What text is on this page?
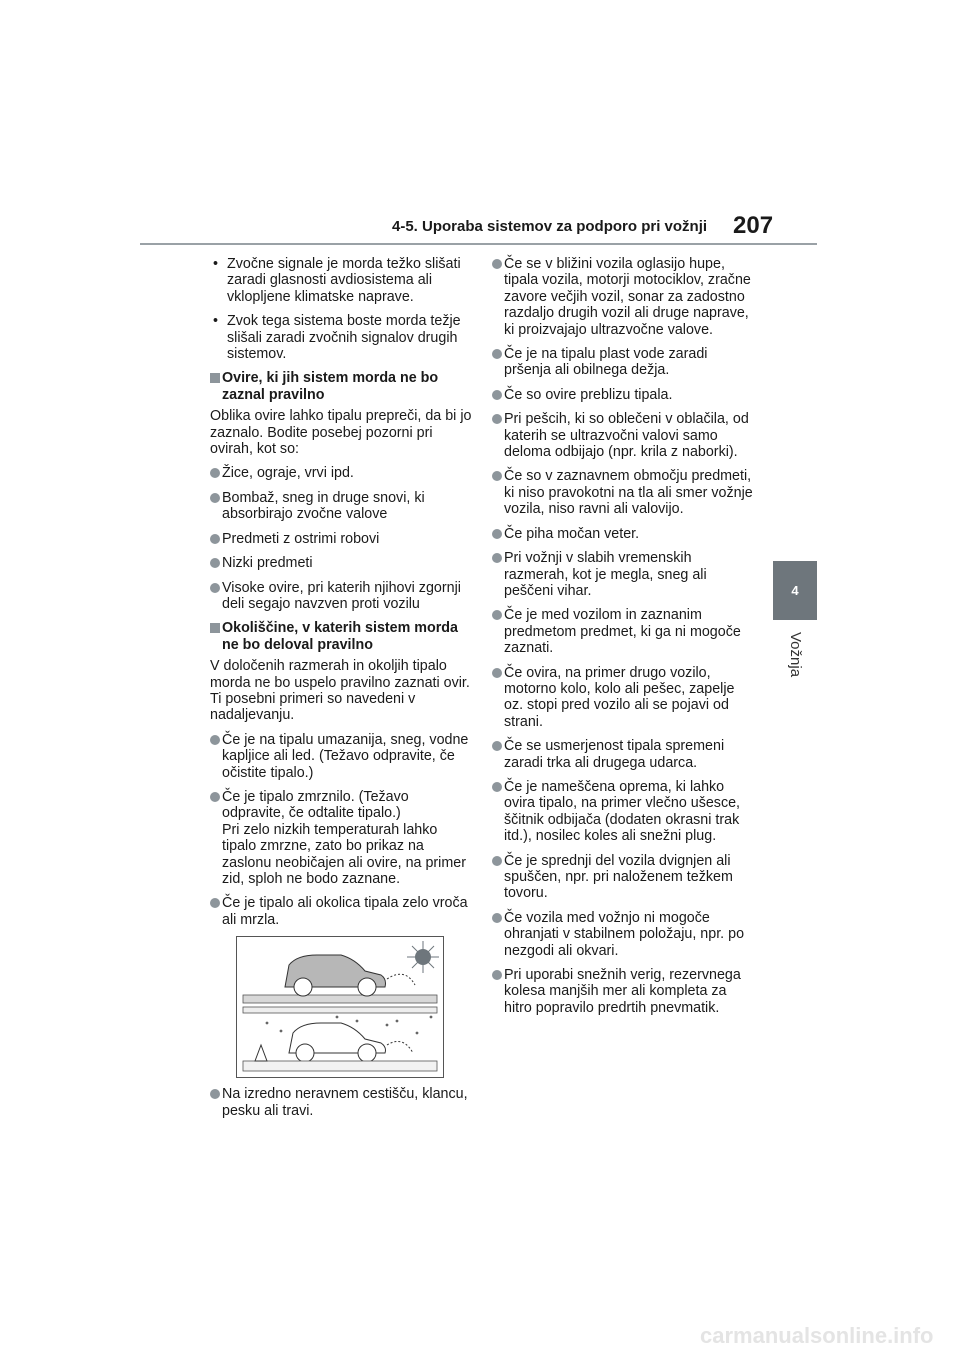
4-5. Uporaba sistemov za podporo pri vožnji 207
4
Vožnja
• Zvočne signale je morda težko slišati zaradi glasnosti avdiosistema ali vklopljene klimatske naprave.
• Zvok tega sistema boste morda težje slišali zaradi zvočnih signalov drugih sistemov.
Ovire, ki jih sistem morda ne bo zaznal pravilno

Oblika ovire lahko tipalu prepreči, da bi jo zaznalo. Bodite posebej pozorni pri ovirah, kot so:

Žice, ograje, vrvi ipd.
Bombaž, sneg in druge snovi, ki absorbirajo zvočne valove
Predmeti z ostrimi robovi
Nizki predmeti
Visoke ovire, pri katerih njihovi zgornji deli segajo navzven proti vozilu
Okoliščine, v katerih sistem morda ne bo deloval pravilno

V določenih razmerah in okoljih tipalo morda ne bo uspelo pravilno zaznati ovir. Ti posebni primeri so navedeni v nadaljevanju.

Če je na tipalu umazanija, sneg, vodne kapljice ali led. (Težavo odpravite, če očistite tipalo.)
Če je tipalo zmrznilo. (Težavo odpravite, če odtalite tipalo.)
Pri zelo nizkih temperaturah lahko tipalo zmrzne, zato bo prikaz na zaslonu neobičajen ali ovire, na primer zid, sploh ne bodo zaznane.
Če je tipalo ali okolica tipala zelo vroča ali mrzla.
Na izredno neravnem cestišču, klancu, pesku ali travi.
Če se v bližini vozila oglasijo hupe, tipala vozila, motorji motociklov, zračne zavore večjih vozil, sonar za zadostno razdaljo drugih vozil ali druge naprave, ki proizvajajo ultrazvočne valove.
Če je na tipalu plast vode zaradi pršenja ali obilnega dežja.
Če so ovire preblizu tipala.
Pri pešcih, ki so oblečeni v oblačila, od katerih se ultrazvočni valovi samo deloma odbijajo (npr. krila z naborki).
Če so v zaznavnem območju predmeti, ki niso pravokotni na tla ali smer vožnje vozila, niso ravni ali valovijo.
Če piha močan veter.
Pri vožnji v slabih vremenskih razmerah, kot je megla, sneg ali peščeni vihar.
Če je med vozilom in zaznanim predmetom predmet, ki ga ni mogoče zaznati.
Če ovira, na primer drugo vozilo, motorno kolo, kolo ali pešec, zapelje oz. stopi pred vozilo ali se pojavi od strani.
Če se usmerjenost tipala spremeni zaradi trka ali drugega udarca.
Če je nameščena oprema, ki lahko ovira tipalo, na primer vlečno ušesce, ščitnik odbijača (dodaten okrasni trak itd.), nosilec koles ali snežni plug.
Če je sprednji del vozila dvignjen ali spuščen, npr. pri naloženem težkem tovoru.
Če vozila med vožnjo ni mogoče ohranjati v stabilnem položaju, npr. po nezgodi ali okvari.
Pri uporabi snežnih verig, rezervnega kolesa manjših mer ali kompleta za hitro popravilo predrtih pnevmatik.
carmanualsonline.info
